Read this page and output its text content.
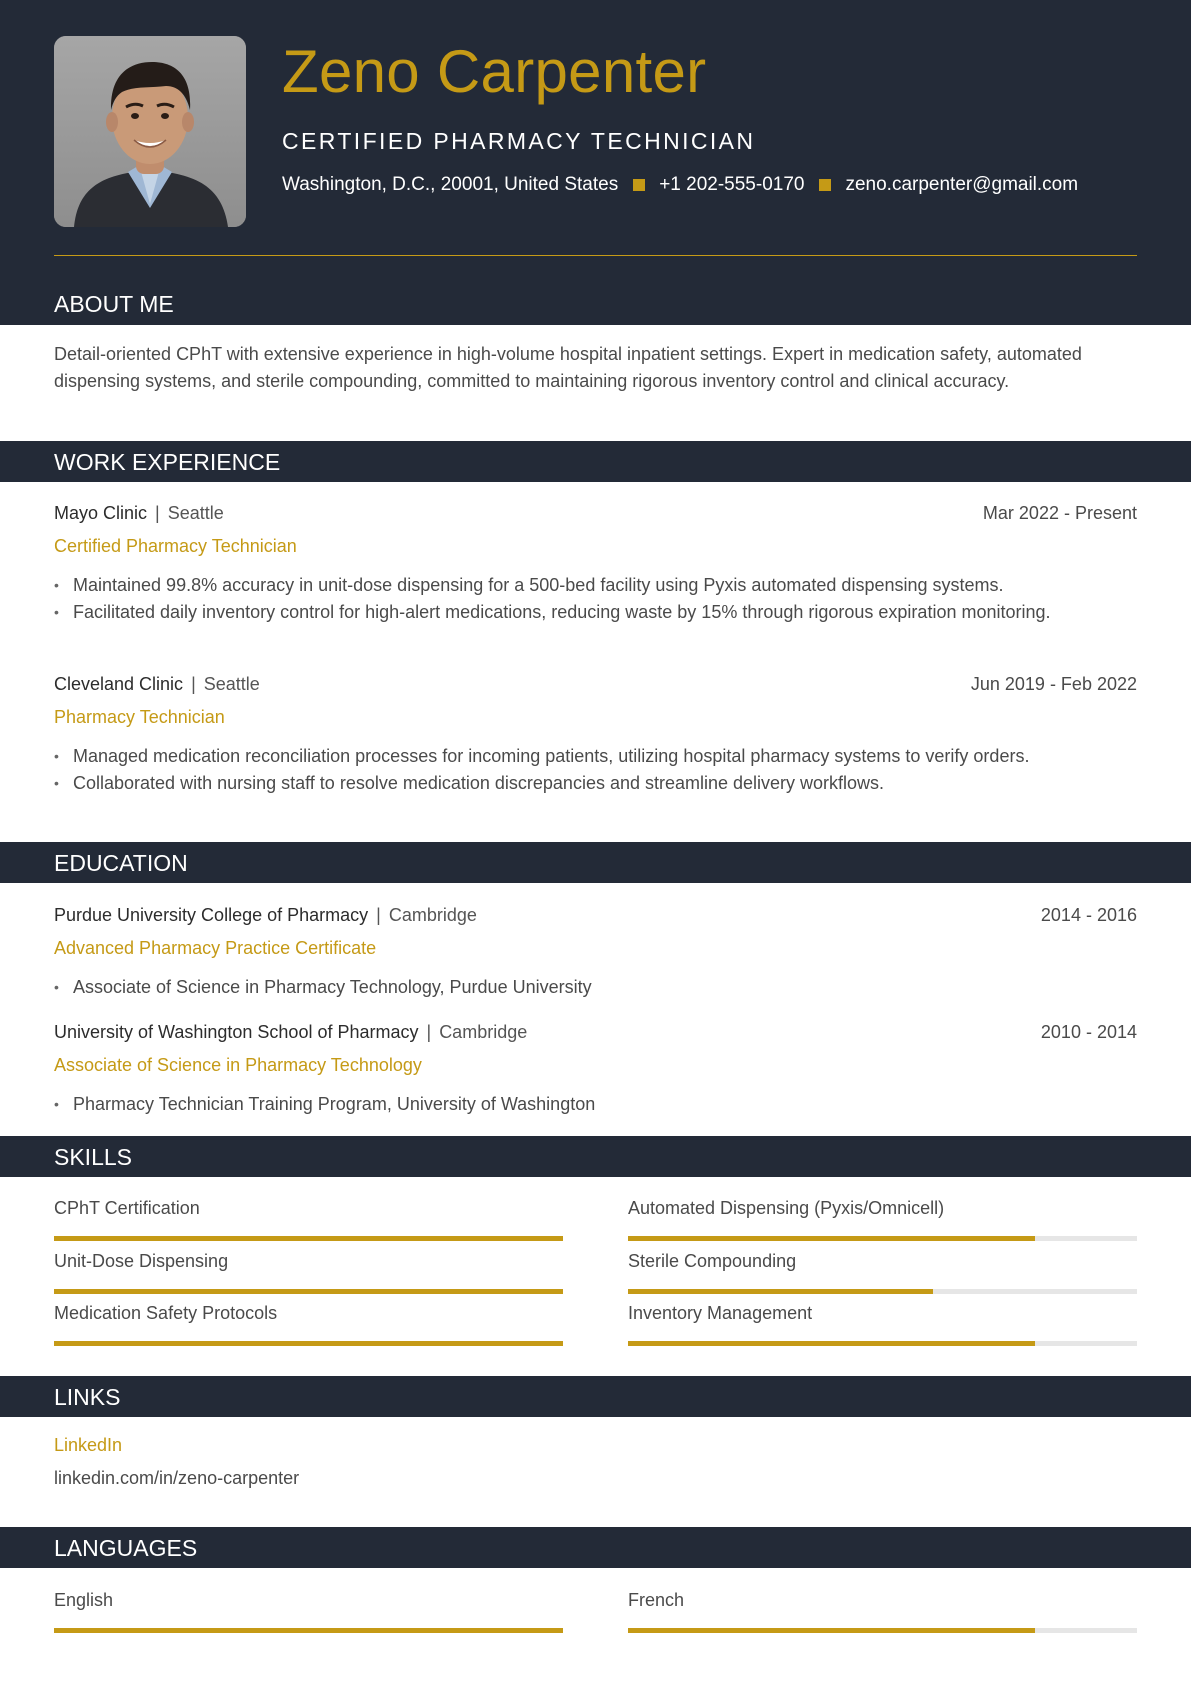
Zeno Carpenter
CERTIFIED PHARMACY TECHNICIAN
Washington, D.C., 20001, United States +1 202-555-0170 zeno.carpenter@gmail.com
ABOUT ME
Detail-oriented CPhT with extensive experience in high-volume hospital inpatient settings. Expert in medication safety, automated dispensing systems, and sterile compounding, committed to maintaining rigorous inventory control and clinical accuracy.
WORK EXPERIENCE
Mayo Clinic | Seattle	Mar 2022 - Present
Certified Pharmacy Technician
• Maintained 99.8% accuracy in unit-dose dispensing for a 500-bed facility using Pyxis automated dispensing systems.
• Facilitated daily inventory control for high-alert medications, reducing waste by 15% through rigorous expiration monitoring.
Cleveland Clinic | Seattle	Jun 2019 - Feb 2022
Pharmacy Technician
• Managed medication reconciliation processes for incoming patients, utilizing hospital pharmacy systems to verify orders.
• Collaborated with nursing staff to resolve medication discrepancies and streamline delivery workflows.
EDUCATION
Purdue University College of Pharmacy | Cambridge	2014 - 2016
Advanced Pharmacy Practice Certificate
• Associate of Science in Pharmacy Technology, Purdue University
University of Washington School of Pharmacy | Cambridge	2010 - 2014
Associate of Science in Pharmacy Technology
• Pharmacy Technician Training Program, University of Washington
SKILLS
CPhT Certification	Automated Dispensing (Pyxis/Omnicell)
Unit-Dose Dispensing	Sterile Compounding
Medication Safety Protocols	Inventory Management
LINKS
LinkedIn
linkedin.com/in/zeno-carpenter
LANGUAGES
English	French
